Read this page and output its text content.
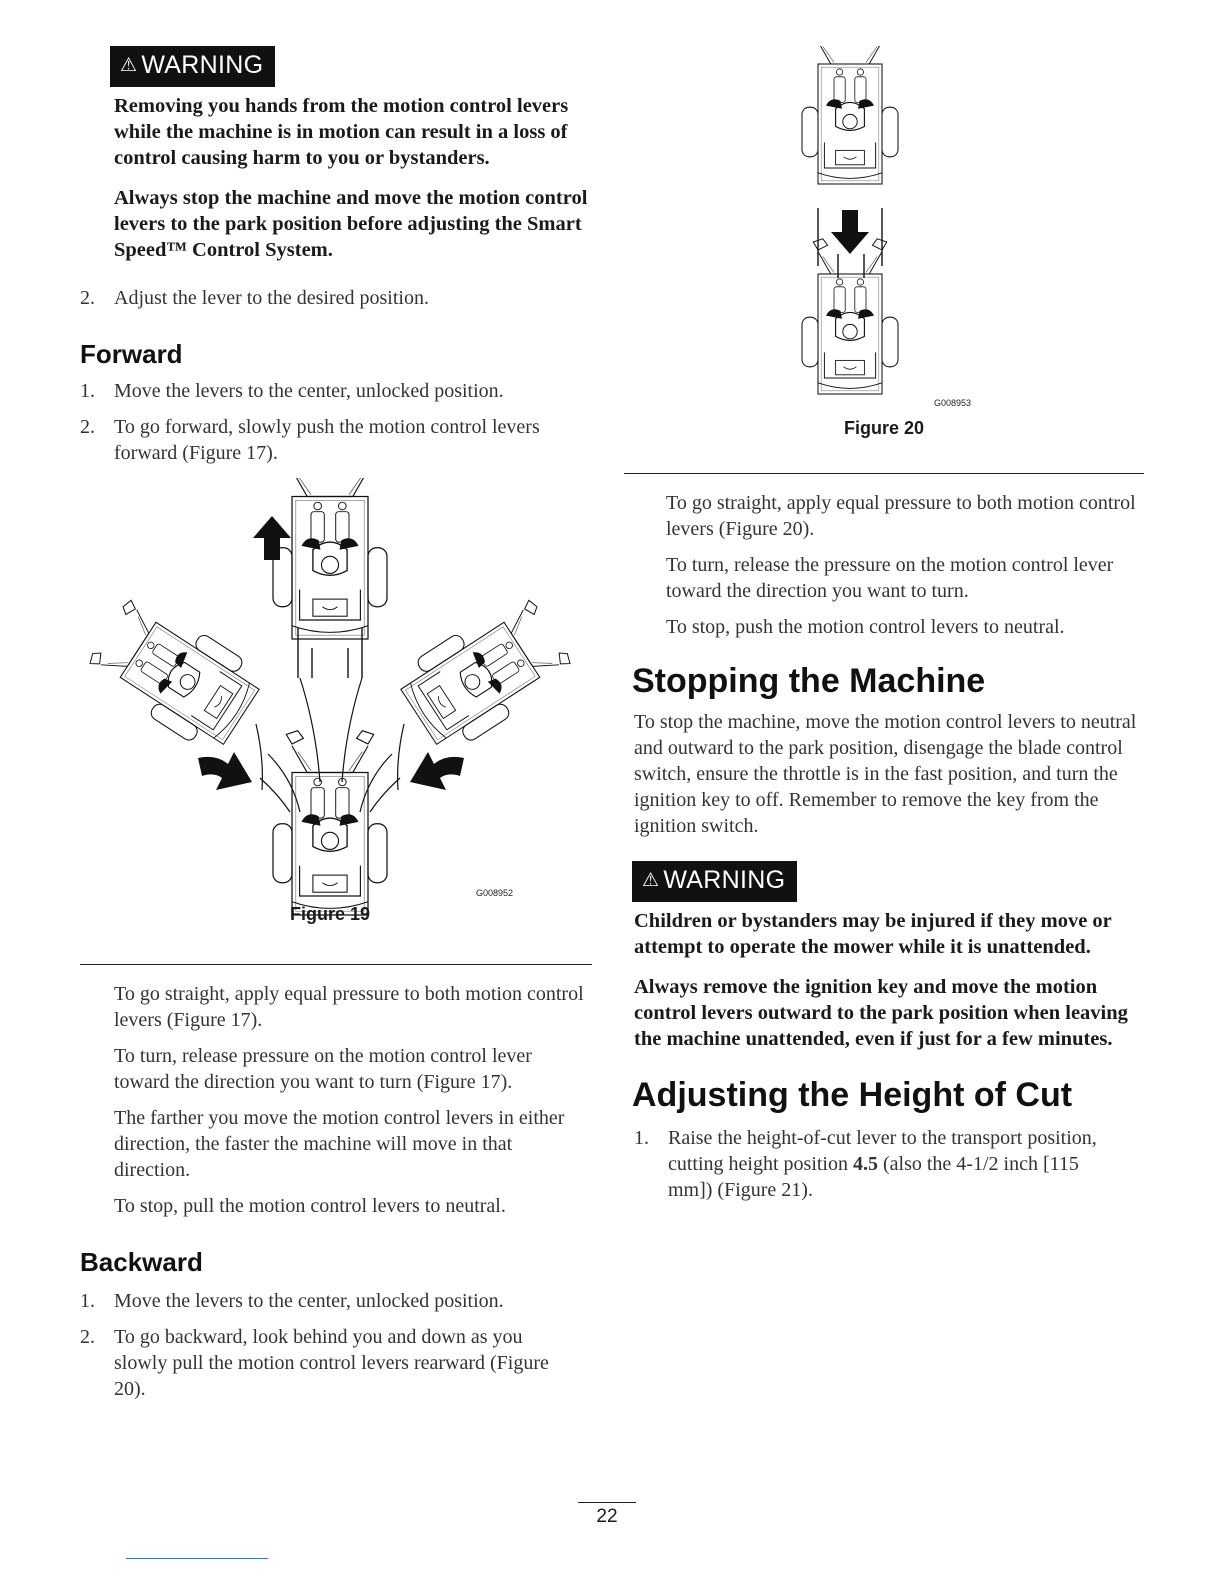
⚠ WARNING

Removing you hands from the motion control levers while the machine is in motion can result in a loss of control causing harm to you or bystanders.

Always stop the machine and move the motion control levers to the park position before adjusting the Smart Speed™ Control System.

2. Adjust the lever to the desired position.
Forward
1. Move the levers to the center, unlocked position.
2. To go forward, slowly push the motion control levers forward (Figure 17).
G008952
Figure 19

To go straight, apply equal pressure to both motion control levers (Figure 17).

To turn, release pressure on the motion control lever toward the direction you want to turn (Figure 17).

The farther you move the motion control levers in either direction, the faster the machine will move in that direction.

To stop, pull the motion control levers to neutral.

Backward
1. Move the levers to the center, unlocked position.
2. To go backward, look behind you and down as you slowly pull the motion control levers rearward (Figure 20).
G008953
Figure 20

To go straight, apply equal pressure to both motion control levers (Figure 20).

To turn, release the pressure on the motion control lever toward the direction you want to turn.

To stop, push the motion control levers to neutral.

Stopping the Machine

To stop the machine, move the motion control levers to neutral and outward to the park position, disengage the blade control switch, ensure the throttle is in the fast position, and turn the ignition key to off. Remember to remove the key from the ignition switch.

⚠ WARNING

Children or bystanders may be injured if they move or attempt to operate the mower while it is unattended.

Always remove the ignition key and move the motion control levers outward to the park position when leaving the machine unattended, even if just for a few minutes.

Adjusting the Height of Cut
1. Raise the height-of-cut lever to the transport position, cutting height position 4.5 (also the 4-1/2 inch [115 mm]) (Figure 21).
22
